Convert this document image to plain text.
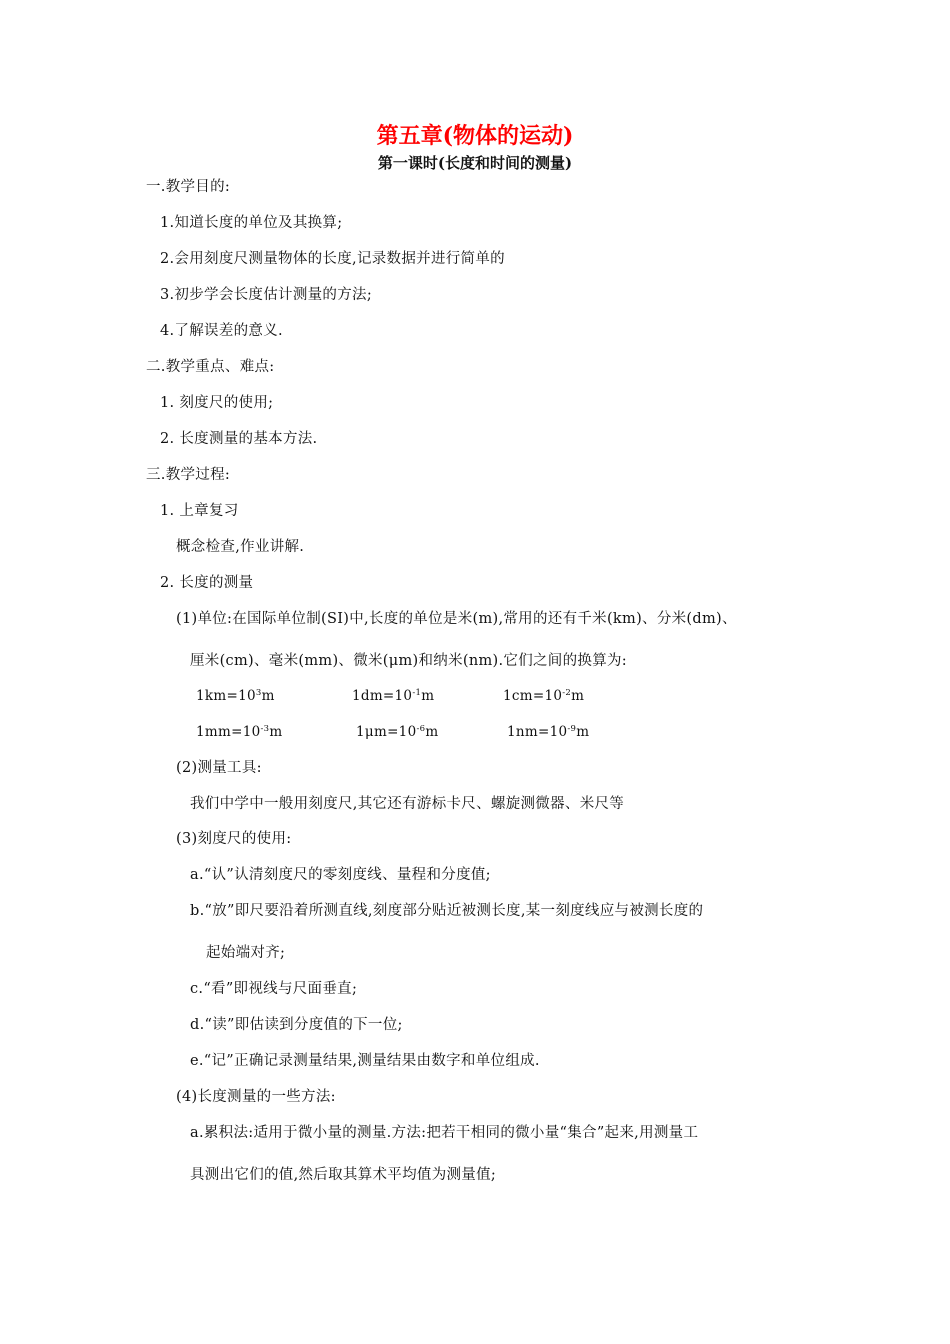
第五章(物体的运动)
第一课时(长度和时间的测量)
一.教学目的:
1.知道长度的单位及其换算;
2.会用刻度尺测量物体的长度,记录数据并进行简单的
3.初步学会长度估计测量的方法;
4.了解误差的意义.
二.教学重点、难点:
1. 刻度尺的使用;
2. 长度测量的基本方法.
三.教学过程:
1. 上章复习
概念检查,作业讲解.
2. 长度的测量
(1)单位:在国际单位制(SI)中,长度的单位是米(m),常用的还有千米(km)、分米(dm)、
厘米(cm)、毫米(mm)、微米(μm)和纳米(nm).它们之间的换算为:
$1km=10^3m$	$1dm=10^{-1}m$	$1cm=10^{-2}m$
$1mm=10^{-3}m$	$1\mu m=10^{-6}m$	$1nm=10^{-9}m$
(2)测量工具:
我们中学中一般用刻度尺,其它还有游标卡尺、螺旋测微器、米尺等
(3)刻度尺的使用:
a.“认”认清刻度尺的零刻度线、量程和分度值;
b.“放”即尺要沿着所测直线,刻度部分贴近被测长度,某一刻度线应与被测长度的
起始端对齐;
c.“看”即视线与尺面垂直;
d.“读”即估读到分度值的下一位;
e.“记”正确记录测量结果,测量结果由数字和单位组成.
(4)长度测量的一些方法:
a.累积法:适用于微小量的测量.方法:把若干相同的微小量“集合”起来,用测量工
具测出它们的值,然后取其算术平均值为测量值;
